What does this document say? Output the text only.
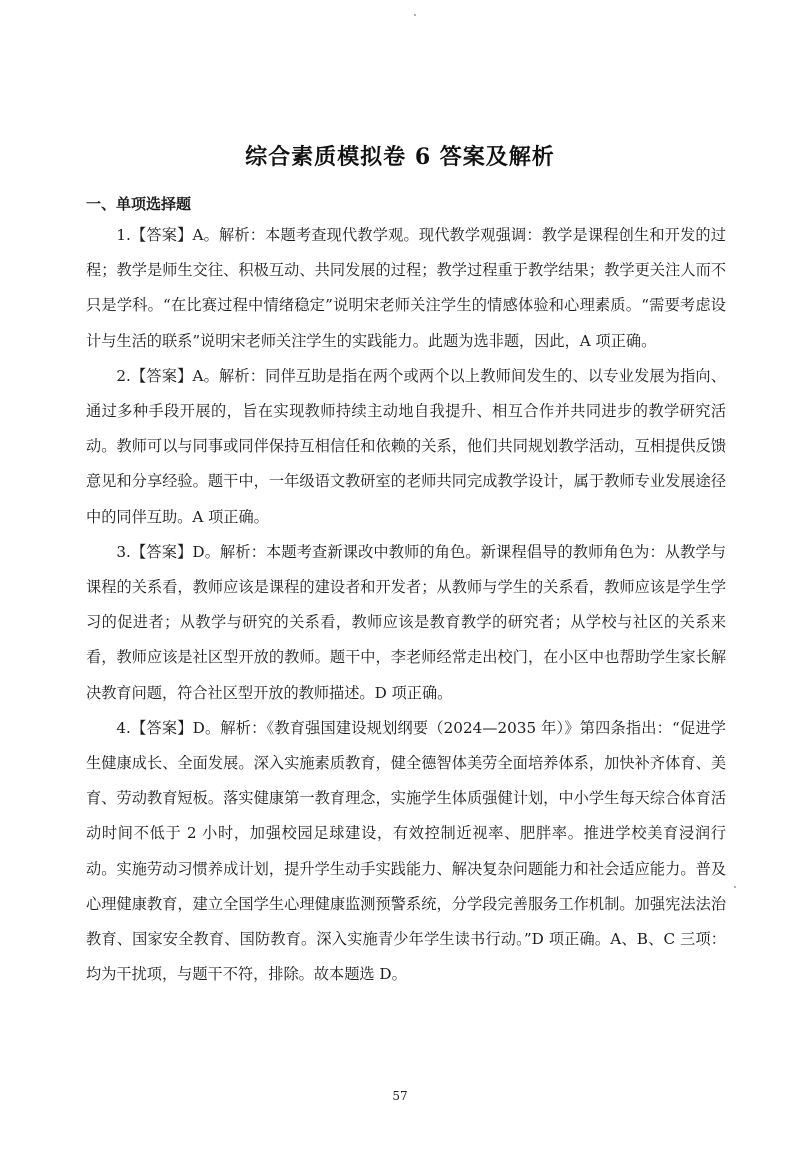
综合素质模拟卷 6 答案及解析
一、单项选择题

1.【答案】A。解析：本题考查现代教学观。现代教学观强调：教学是课程创生和开发的过程；教学是师生交往、积极互动、共同发展的过程；教学过程重于教学结果；教学更关注人而不只是学科。“在比赛过程中情绪稳定”说明宋老师关注学生的情感体验和心理素质。“需要考虑设计与生活的联系”说明宋老师关注学生的实践能力。此题为选非题，因此，A 项正确。

2.【答案】A。解析：同伴互助是指在两个或两个以上教师间发生的、以专业发展为指向、通过多种手段开展的，旨在实现教师持续主动地自我提升、相互合作并共同进步的教学研究活动。教师可以与同事或同伴保持互相信任和依赖的关系，他们共同规划教学活动，互相提供反馈意见和分享经验。题干中，一年级语文教研室的老师共同完成教学设计，属于教师专业发展途径中的同伴互助。A 项正确。

3.【答案】D。解析：本题考查新课改中教师的角色。新课程倡导的教师角色为：从教学与课程的关系看，教师应该是课程的建设者和开发者；从教师与学生的关系看，教师应该是学生学习的促进者；从教学与研究的关系看，教师应该是教育教学的研究者；从学校与社区的关系来看，教师应该是社区型开放的教师。题干中，李老师经常走出校门，在小区中也帮助学生家长解决教育问题，符合社区型开放的教师描述。D 项正确。

4.【答案】D。解析：《教育强国建设规划纲要（2024—2035 年）》第四条指出：“促进学生健康成长、全面发展。深入实施素质教育，健全德智体美劳全面培养体系，加快补齐体育、美育、劳动教育短板。落实健康第一教育理念，实施学生体质强健计划，中小学生每天综合体育活动时间不低于 2 小时，加强校园足球建设，有效控制近视率、肥胖率。推进学校美育浸润行动。实施劳动习惯养成计划，提升学生动手实践能力、解决复杂问题能力和社会适应能力。普及心理健康教育，建立全国学生心理健康监测预警系统，分学段完善服务工作机制。加强宪法法治教育、国家安全教育、国防教育。深入实施青少年学生读书行动。”D 项正确。A、B、C 三项：均为干扰项，与题干不符，排除。故本题选 D。

57
